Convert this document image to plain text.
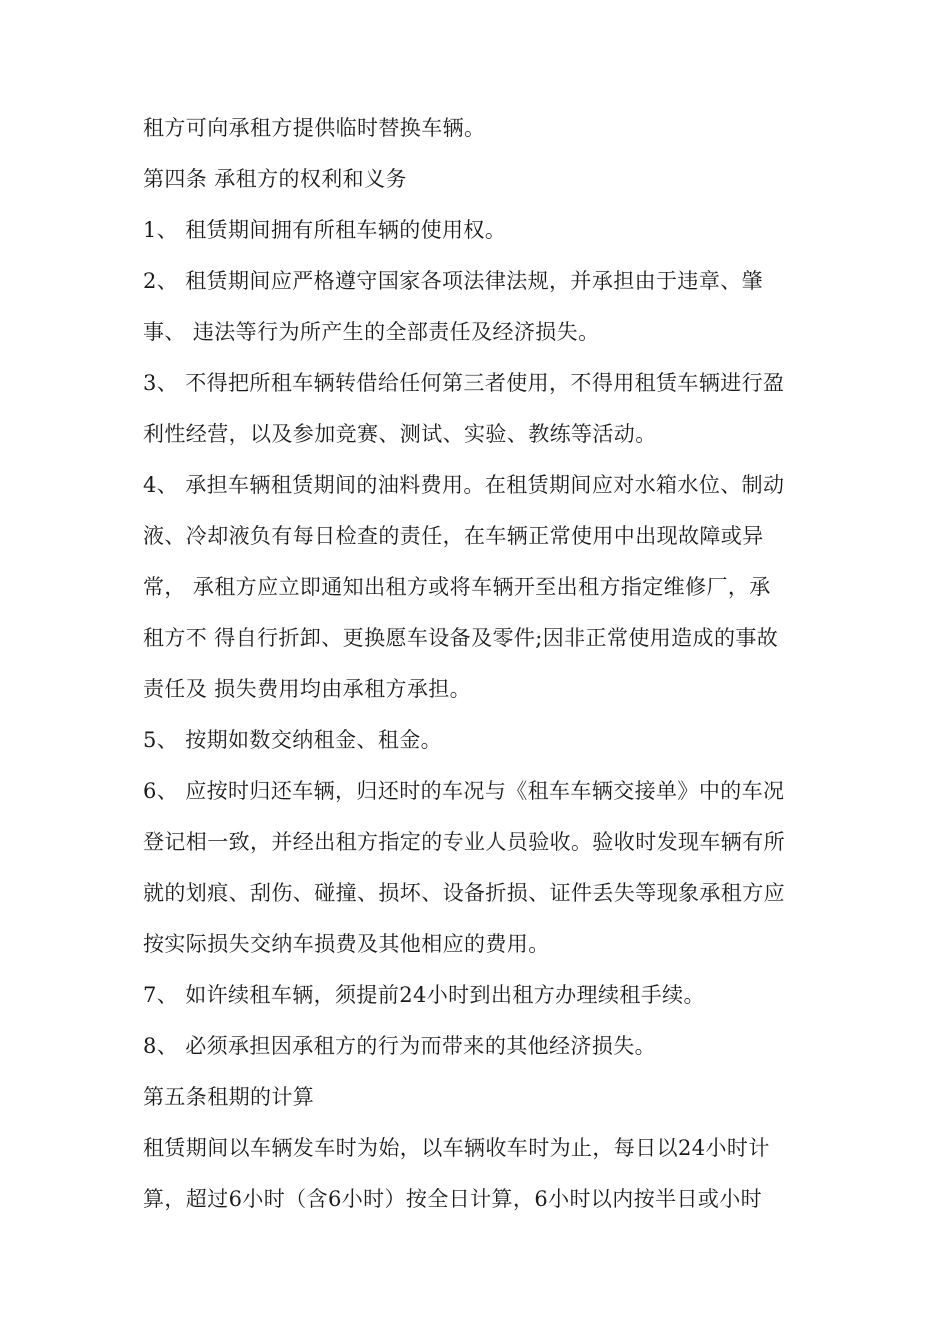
租方可向承租方提供临时替换车辆。
第四条 承租方的权利和义务
1、 租赁期间拥有所租车辆的使用权。
2、 租赁期间应严格遵守国家各项法律法规，并承担由于违章、肇
事、 违法等行为所产生的全部责任及经济损失。
3、 不得把所租车辆转借给任何第三者使用，不得用租赁车辆进行盈
利性经营，以及参加竞赛、测试、实验、教练等活动。
4、 承担车辆租赁期间的油料费用。在租赁期间应对水箱水位、制动
液、冷却液负有每日检查的责任，在车辆正常使用中出现故障或异
常， 承租方应立即通知出租方或将车辆开至出租方指定维修厂，承
租方不 得自行折卸、更换愿车设备及零件;因非正常使用造成的事故
责任及 损失费用均由承租方承担。
5、 按期如数交纳租金、租金。
6、 应按时归还车辆，归还时的车况与《租车车辆交接单》中的车况
登记相一致，并经出租方指定的专业人员验收。验收时发现车辆有所
就的划痕、刮伤、碰撞、损坏、设备折损、证件丢失等现象承租方应
按实际损失交纳车损费及其他相应的费用。
7、 如许续租车辆，须提前24小时到出租方办理续租手续。
8、 必须承担因承租方的行为而带来的其他经济损失。
第五条租期的计算
租赁期间以车辆发车时为始，以车辆收车时为止，每日以24小时计
算，超过6小时（含6小时）按全日计算，6小时以内按半日或小时
